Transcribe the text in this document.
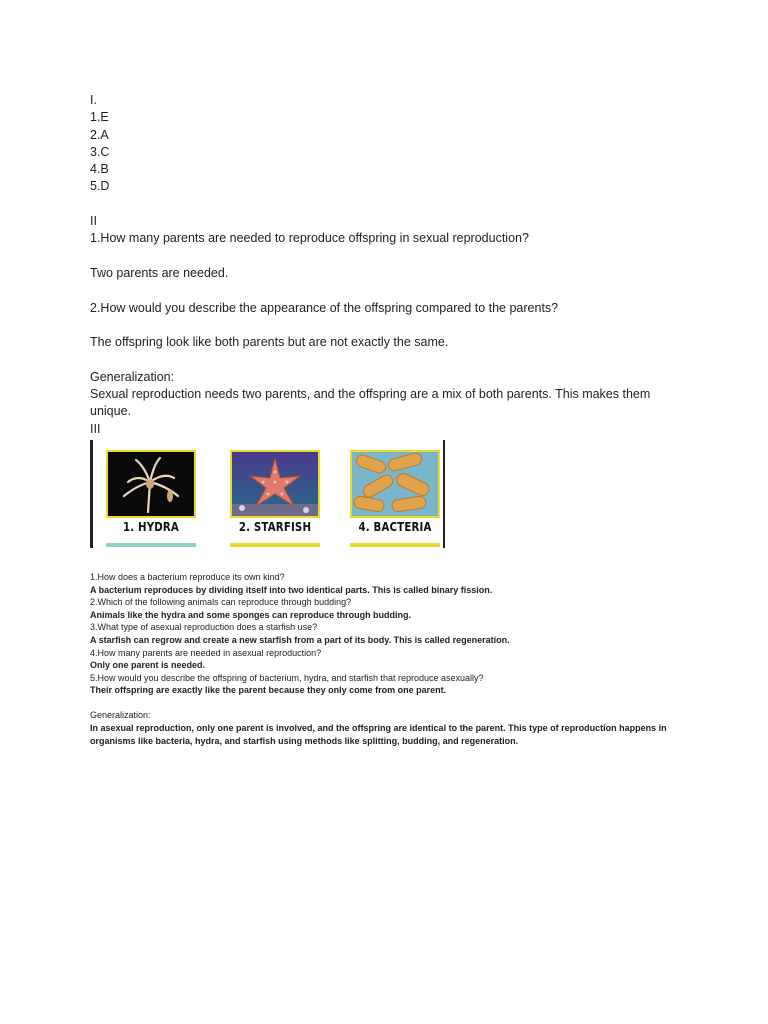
I.
1.E
2.A
3.C
4.B
5.D
II
1.How many parents are needed to reproduce offspring in sexual reproduction?
Two parents are needed.
2.How would you describe the appearance of the offspring compared to the parents?
The offspring look like both parents but are not exactly the same.
Generalization:
Sexual reproduction needs two parents, and the offspring are a mix of both parents. This makes them
unique.
III
1. HYDRA	2. STARFISH	4. BACTERIA
1.How does a bacterium reproduce its own kind?
A bacterium reproduces by dividing itself into two identical parts. This is called binary fission.
2.Which of the following animals can reproduce through budding?
Animals like the hydra and some sponges can reproduce through budding.
3.What type of asexual reproduction does a starfish use?
A starfish can regrow and create a new starfish from a part of its body. This is called regeneration.
4.How many parents are needed in asexual reproduction?
Only one parent is needed.
5.How would you describe the offspring of bacterium, hydra, and starfish that reproduce asexually?
Their offspring are exactly like the parent because they only come from one parent.
Generalization:
In asexual reproduction, only one parent is involved, and the offspring are identical to the parent. This type of reproduction happens in
organisms like bacteria, hydra, and starfish using methods like splitting, budding, and regeneration.
